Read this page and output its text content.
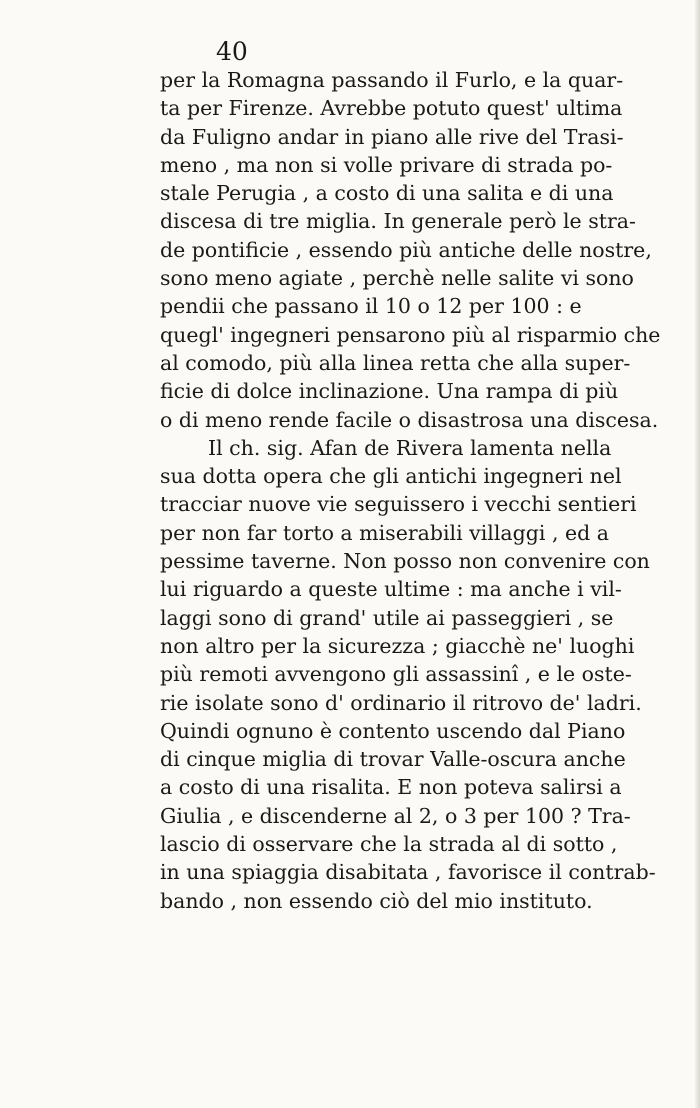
40
per la Romagna passando il Furlo, e la quar-
ta per Firenze. Avrebbe potuto quest' ultima
da Fuligno andar in piano alle rive del Trasi-
meno , ma non si volle privare di strada po-
stale Perugia , a costo di una salita e di una
discesa di tre miglia. In generale però le stra-
de pontificie , essendo più antiche delle nostre,
sono meno agiate , perchè nelle salite vi sono
pendii che passano il 10 o 12 per 100 : e
quegl' ingegneri pensarono più al risparmio che
al comodo, più alla linea retta che alla super-
ficie di dolce inclinazione. Una rampa di più
o di meno rende facile o disastrosa una discesa.
Il ch. sig. Afan de Rivera lamenta nella
sua dotta opera che gli antichi ingegneri nel
tracciar nuove vie seguissero i vecchi sentieri
per non far torto a miserabili villaggi , ed a
pessime taverne. Non posso non convenire con
lui riguardo a queste ultime : ma anche i vil-
laggi sono di grand' utile ai passeggieri , se
non altro per la sicurezza ; giacchè ne' luoghi
più remoti avvengono gli assassinî , e le oste-
rie isolate sono d' ordinario il ritrovo de' ladri.
Quindi ognuno è contento uscendo dal Piano
di cinque miglia di trovar Valle-oscura anche
a costo di una risalita. E non poteva salirsi a
Giulia , e discenderne al 2, o 3 per 100 ? Tra-
lascio di osservare che la strada al di sotto ,
in una spiaggia disabitata , favorisce il contrab-
bando , non essendo ciò del mio instituto.
